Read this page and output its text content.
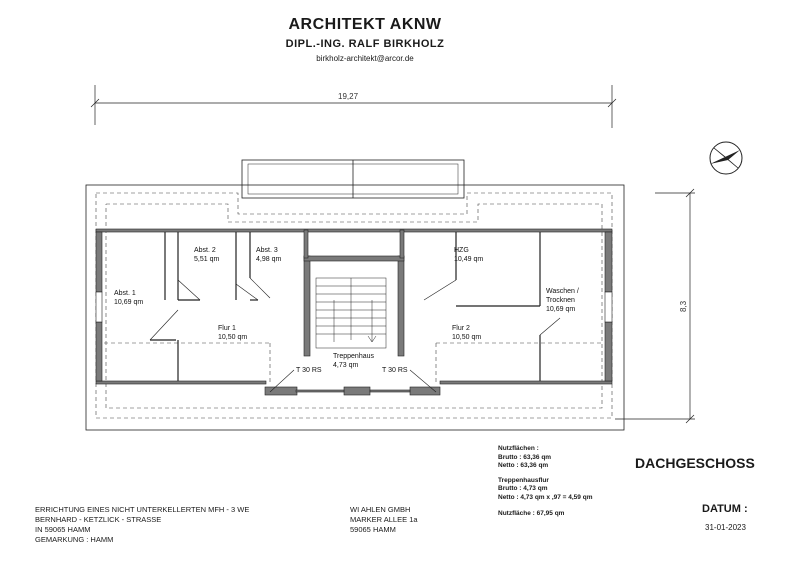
ARCHITEKT AKNW
DIPL.-ING. RALF BIRKHOLZ
birkholz-architekt@arcor.de
19,27
8,3
Abst. 1
10,69 qm
Abst. 2
5,51 qm
Abst. 3
4,98 qm
HZG
10,49 qm
Waschen /
Trocknen
10,69 qm
Flur 1
10,50 qm
Flur 2
10,50 qm
Treppenhaus
4,73 qm
T 30 RS	T 30 RS
Nutzflächen :
Brutto : 63,36 qm
Netto : 63,36 qm
Treppenhausflur
Brutto : 4,73 qm
Netto : 4,73 qm x ,97 = 4,59 qm
Nutzfläche : 67,95 qm
DACHGESCHOSS
DATUM :
31-01-2023
ERRICHTUNG EINES NICHT UNTERKELLERTEN MFH - 3 WE
BERNHARD - KETZLICK - STRASSE
IN 59065 HAMM
GEMARKUNG : HAMM
WI AHLEN GMBH
MARKER ALLEE 1a
59065 HAMM
